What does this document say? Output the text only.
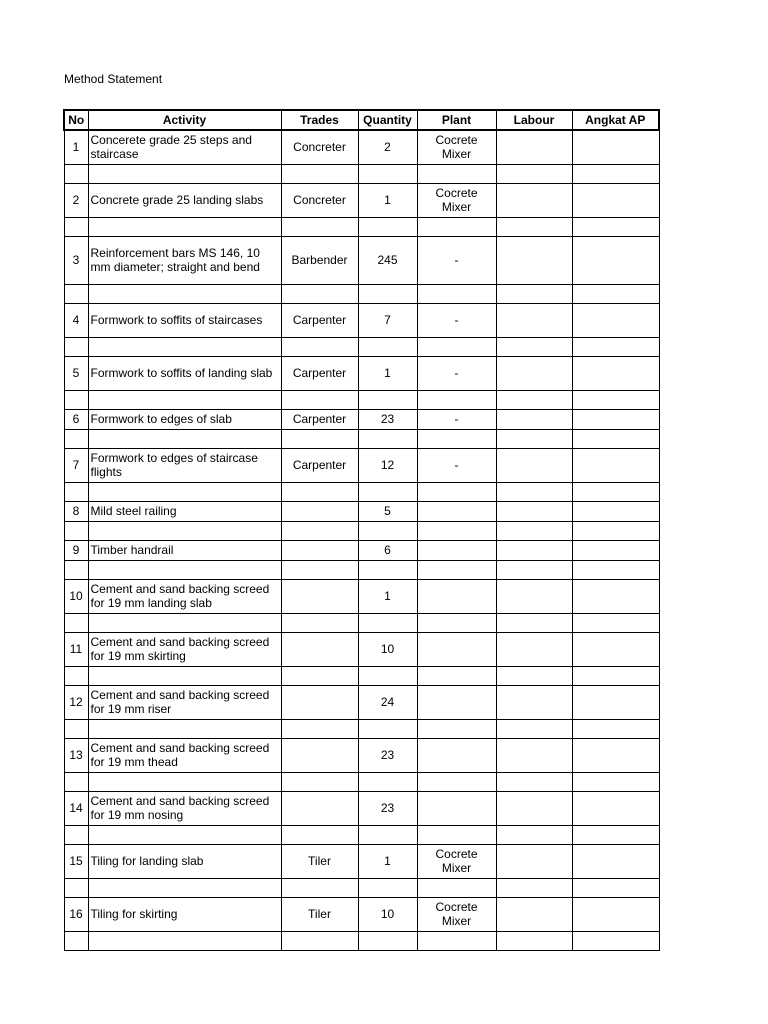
Method Statement
No	Activity	Trades	Quantity	Plant	Labour	Angkat AP
1	Concerete grade 25 steps and staircase	Concreter	2	Cocrete Mixer		

2	Concrete grade 25 landing slabs	Concreter	1	Cocrete Mixer		

3	Reinforcement bars MS 146, 10 mm diameter; straight and bend	Barbender	245	-		

4	Formwork to soffits of staircases	Carpenter	7	-		

5	Formwork to soffits of landing slab	Carpenter	1	-		

6	Formwork to edges of slab	Carpenter	23	-		

7	Formwork to edges of staircase flights	Carpenter	12	-		

8	Mild steel railing		5			

9	Timber handrail		6			

10	Cement and sand backing screed for 19 mm landing slab		1			

11	Cement and sand backing screed for 19 mm skirting		10			

12	Cement and sand backing screed for 19 mm riser		24			

13	Cement and sand backing screed for 19 mm thead		23			

14	Cement and sand backing screed for 19 mm nosing		23			

15	Tiling for landing slab	Tiler	1	Cocrete Mixer		

16	Tiling for skirting	Tiler	10	Cocrete Mixer		
